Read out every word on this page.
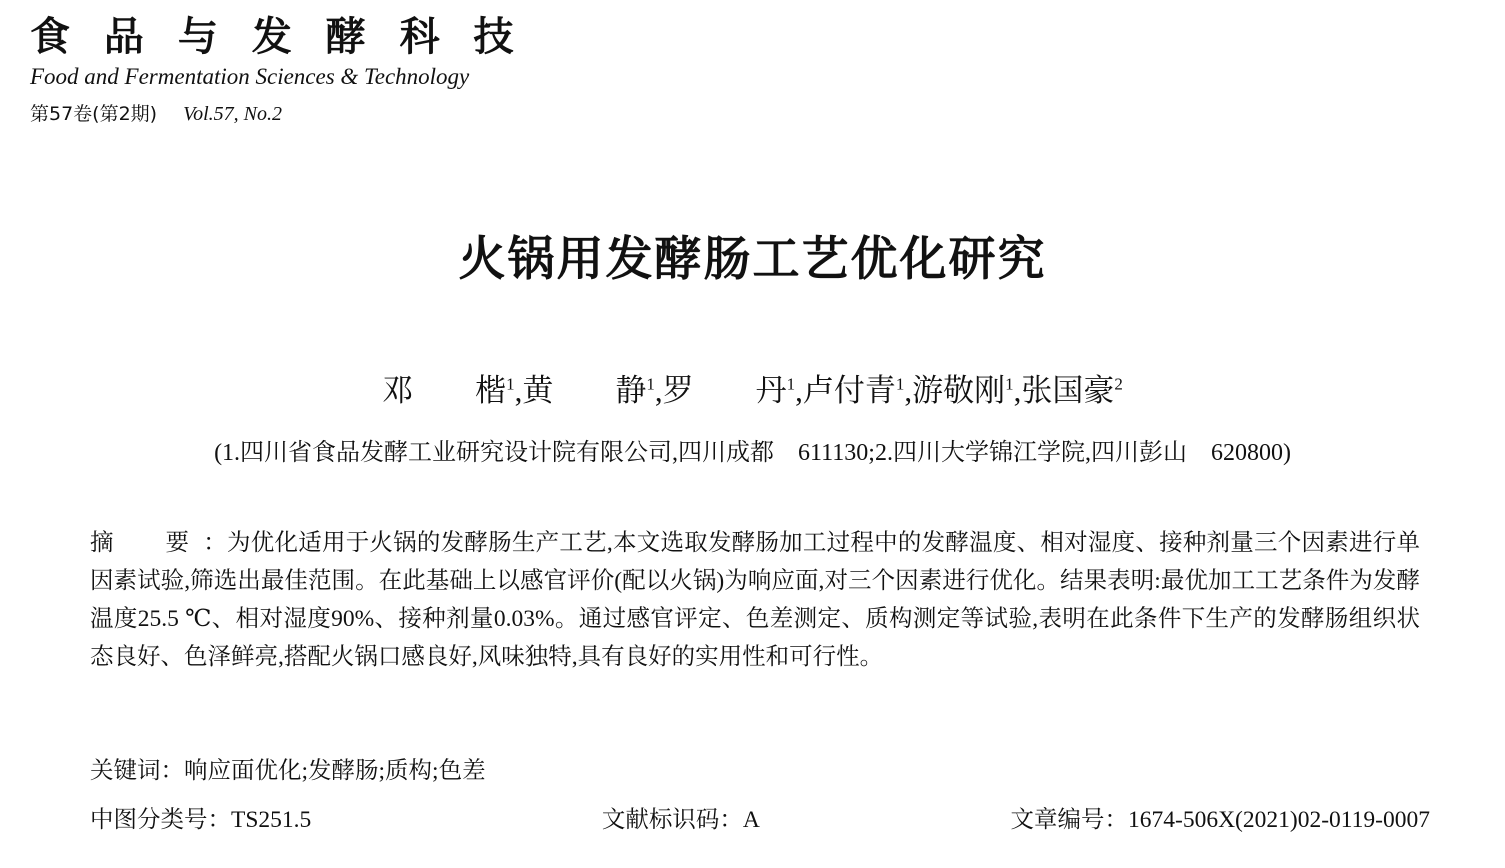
食 品 与 发 酵 科 技
Food and Fermentation Sciences & Technology
第57卷(第2期) Vol.57, No.2
火锅用发酵肠工艺优化研究
邓　　楷$^1$,黄　　静$^1$,罗　　丹$^1$,卢付青$^1$,游敬刚$^1$,张国豪$^2$
(1.四川省食品发酵工业研究设计院有限公司,四川成都　611130;2.四川大学锦江学院,四川彭山　620800)
摘　要：为优化适用于火锅的发酵肠生产工艺,本文选取发酵肠加工过程中的发酵温度、相对湿度、接种剂量三个因素进行单因素试验,筛选出最佳范围。在此基础上以感官评价(配以火锅)为响应面,对三个因素进行优化。结果表明:最优加工工艺条件为发酵温度25.5 ℃、相对湿度90%、接种剂量0.03%。通过感官评定、色差测定、质构测定等试验,表明在此条件下生产的发酵肠组织状态良好、色泽鲜亮,搭配火锅口感良好,风味独特,具有良好的实用性和可行性。
关键词：响应面优化;发酵肠;质构;色差
中图分类号：TS251.5	文献标识码：A	文章编号：1674-506X(2021)02-0119-0007
